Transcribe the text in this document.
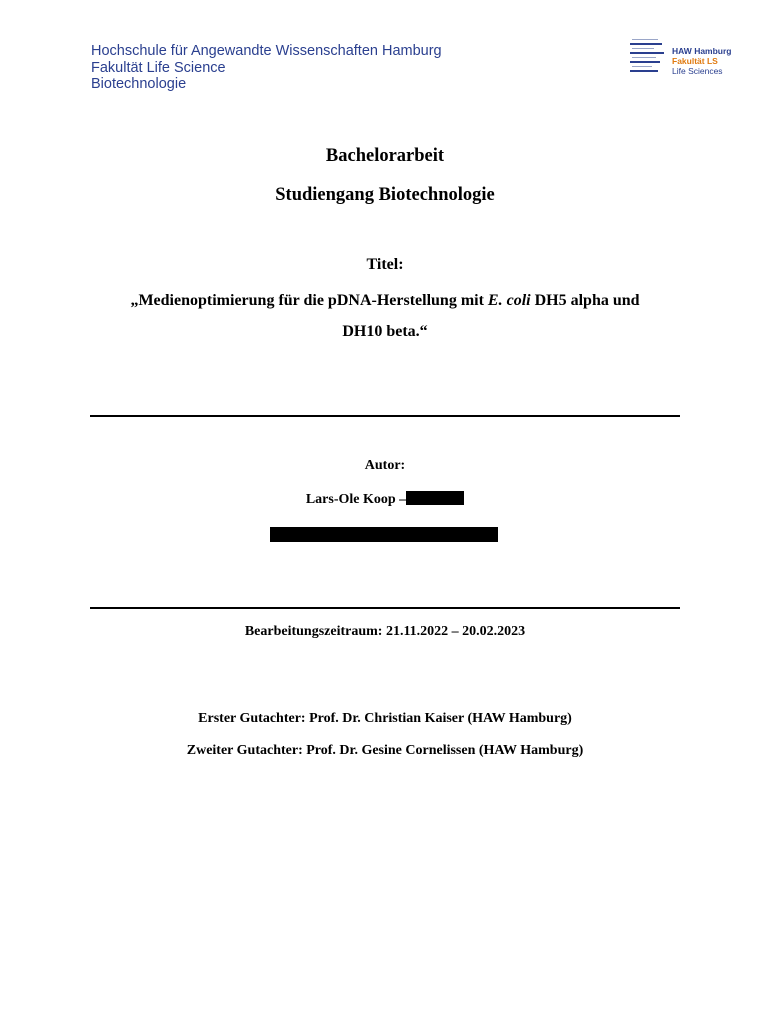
Hochschule für Angewandte Wissenschaften Hamburg
Fakultät Life Science
Biotechnologie
HAW Hamburg
Fakultät LS
Life Sciences
Bachelorarbeit
Studiengang Biotechnologie
Titel:
„Medienoptimierung für die pDNA-Herstellung mit E. coli DH5 alpha und
DH10 beta.“
Autor:
Lars-Ole Koop –
Bearbeitungszeitraum: 21.11.2022 – 20.02.2023
Erster Gutachter: Prof. Dr. Christian Kaiser (HAW Hamburg)
Zweiter Gutachter: Prof. Dr. Gesine Cornelissen (HAW Hamburg)
